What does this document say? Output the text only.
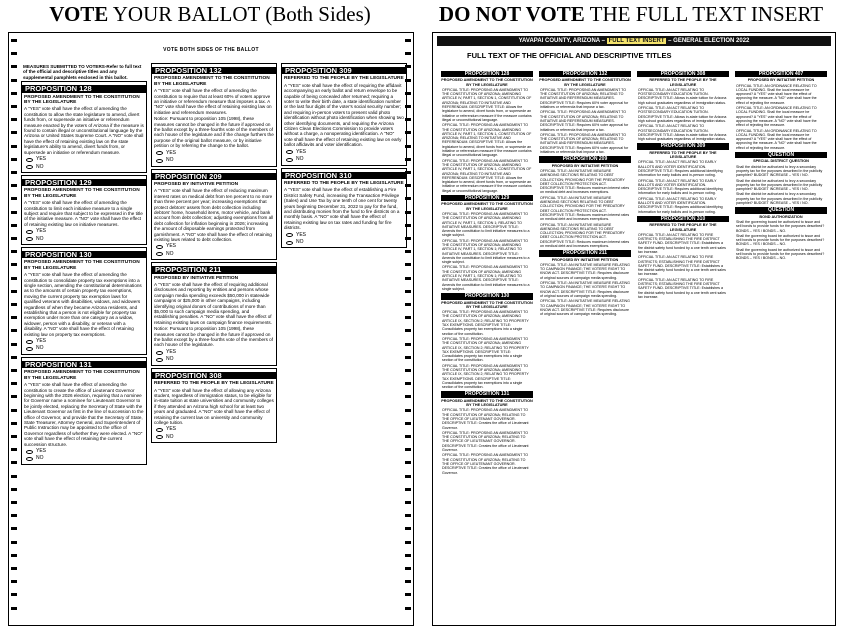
VOTE YOUR BALLOT (Both Sides)	DO NOT VOTE THE FULL TEXT INSERT
VOTE BOTH SIDES OF THE BALLOT

MEASURES SUBMITTED TO VOTERS-Refer to full text of the official and descriptive titles and any supplemental pamphlets enclosed in this ballot.

PROPOSITION 128
PROPOSED AMENDMENT TO THE CONSTITUTION BY THE LEGISLATURE

A "YES" vote shall have the effect of amending the constitution to allow the state legislature to amend, divert funds from, or supersede an initiative or referendum measure enacted by the voters of Arizona if the measure is found to contain illegal or unconstitutional language by the Arizona or United States Supreme Court. A "NO" vote shall have the effect of retaining existing law on the state legislature's ability to amend, divert funds from, or supersede an initiative or referendum measure.

YES
NO
PROPOSITION 129
PROPOSED AMENDMENT TO THE CONSTITUTION BY THE LEGISLATURE

A "YES" vote shall have the effect of amending the constitution to limit each initiative measure to a single subject and require that subject to be expressed in the title of the initiative measure. A "NO" vote shall have the effect of retaining existing law on initiative measures.

YES
NO
PROPOSITION 130
PROPOSED AMENDMENT TO THE CONSTITUTION BY THE LEGISLATURE

A "YES" vote shall have the effect of amending the constitution to consolidate property tax exemptions into a single section, amending the constitutional determinations as to the amounts of certain property tax exemptions, moving the current property tax exemption laws for qualified veterans with disabilities, widows, and widowers regardless of when they became Arizona residents, and establishing that a person is not eligible for property tax exemption under more than one category as a widow, widower, person with a disability, or veteran with a disability. A "NO" vote shall have the effect of retaining existing law on property tax exemptions.

YES
NO
PROPOSITION 131
PROPOSED AMENDMENT TO THE CONSTITUTION BY THE LEGISLATURE

A "YES" vote shall have the effect of amending the constitution to create the office of Lieutenant Governor beginning with the 2026 election, requiring that a nominee for Governor name a nominee for Lieutenant Governor to be jointly elected, replacing the Secretary of State with the Lieutenant Governor as first in the line of succession to the office of Governor, and provide that the Secretary of State, State Treasurer, Attorney General, and Superintendent of Public Instruction may be appointed to the office of Governor regardless of whether they were elected. A "NO" vote shall have the effect of retaining the current succession structure.

YES
NO
PROPOSITION 132
PROPOSED AMENDMENT TO THE CONSTITUTION BY THE LEGISLATURE

A "YES" vote shall have the effect of amending the constitution to require that at least 60% of voters approve an initiative or referendum measure that imposes a tax. A "NO" vote shall have the effect of retaining existing law on initiative and referendum measures.

Notice: Pursuant to proposition 105 (1998), these measures cannot be changed in the future if approved on the ballot except by a three-fourths vote of the members of each house of the legislature and if the change furthers the purpose of the original ballot measure, or by initiative petition or by referring the change to the ballot.

YES
NO
PROPOSITION 209
PROPOSED BY INITIATIVE PETITION

A "YES" vote shall have the effect of reducing maximum interest rates on medical debt from ten percent to no more than three percent per year; increasing exemptions that protect debtors' assets from debt collection including debtors' home, household items, motor vehicle, and bank account from debt collection; adjusting exemptions from all debt collection for inflation beginning in 2026; increasing the amount of disposable earnings protected from garnishment. A "NO" vote shall have the effect of retaining existing laws related to debt collection.

YES
NO
PROPOSITION 211
PROPOSED BY INITIATIVE PETITION

A "YES" vote shall have the effect of requiring additional disclosures and reporting by entities and persons whose campaign media spending exceeds $50,000 in statewide campaigns or $25,000 in other campaigns, including identifying original donors of contributions of more than $5,000 to such campaign media spending, and establishing penalties. A "NO" vote shall have the effect of retaining existing laws on campaign finance requirements.

Notice: Pursuant to proposition 105 (1998), these measures cannot be changed in the future if approved on the ballot except by a three-fourths vote of the members of each house of the legislature.

YES
NO
PROPOSITION 308
REFERRED TO THE PEOPLE BY THE LEGISLATURE

A "YES" vote shall have the effect of allowing any Arizona student, regardless of immigration status, to be eligible for in-state tuition at state universities and community colleges if they attended an Arizona high school for at least two years and graduated. A "NO" vote shall have the effect of retaining the current law on university and community college tuition.

YES
NO
PROPOSITION 309
REFERRED TO THE PEOPLE BY THE LEGISLATURE

A "YES" vote shall have the effect of requiring the affidavit accompanying an early ballot and return envelope to be capable of being concealed after returned; requiring a voter to write their birth date, a state identification number or the last four digits of the voter's social security number; and requiring in-person voters to present valid photo identification without photo identification when showing two other identifying documents, and requiring the Arizona Citizen Clean Elections Commission to provide voters without a charge, a nonoperating identification. A "NO" vote shall have the effect of retaining existing law on early ballot affidavits and voter identification.

YES
NO
PROPOSITION 310
REFERRED TO THE PEOPLE BY THE LEGISLATURE

A "YES" vote shall have the effect of establishing a Fire District Safety Fund, increasing the Transaction Privilege (Sales) and Use Tax by one tenth of one cent for twenty years beginning December 31, 2022 to pay for the fund, and distributing monies from the fund to fire districts on a monthly basis. A "NO" vote shall have the effect of retaining existing law on tax rates and funding for fire districts.

YES
NO
YAVAPAI COUNTY, ARIZONA – FULL TEXT INSERT – GENERAL ELECTION 2022
FULL TEXT OF THE OFFICIAL AND DESCRIPTIVE TITLES
PROPOSITION 128
PROPOSED AMENDMENT TO THE CONSTITUTION BY THE LEGISLATURE

OFFICIAL TITLE: PROPOSING AN AMENDMENT TO THE CONSTITUTION OF ARIZONA; AMENDING ARTICLE IV, PART 1, SECTION 1, CONSTITUTION OF ARIZONA; RELATING TO INITIATIVE AND REFERENDUM. DESCRIPTIVE TITLE: Allows the legislature to amend, divert funds from, or supersede an initiative or referendum measure if the measure contains illegal or unconstitutional language.

OFFICIAL TITLE: PROPOSING AN AMENDMENT TO THE CONSTITUTION OF ARIZONA; AMENDING ARTICLE IV, PART 1, SECTION 1, CONSTITUTION OF ARIZONA; RELATING TO INITIATIVE AND REFERENDUM. DESCRIPTIVE TITLE: Allows the legislature to amend, divert funds from, or supersede an initiative or referendum measure if the measure contains illegal or unconstitutional language.

OFFICIAL TITLE: PROPOSING AN AMENDMENT TO THE CONSTITUTION OF ARIZONA; AMENDING ARTICLE IV, PART 1, SECTION 1, CONSTITUTION OF ARIZONA; RELATING TO INITIATIVE AND REFERENDUM. DESCRIPTIVE TITLE: Allows the legislature to amend, divert funds from, or supersede an initiative or referendum measure if the measure contains illegal or unconstitutional language.

PROPOSITION 129
PROPOSED AMENDMENT TO THE CONSTITUTION BY THE LEGISLATURE

OFFICIAL TITLE: PROPOSING AN AMENDMENT TO THE CONSTITUTION OF ARIZONA; AMENDING ARTICLE IV, PART 1, SECTION 1; RELATING TO INITIATIVE MEASURES. DESCRIPTIVE TITLE: Amends the constitution to limit initiative measures to a single subject.

OFFICIAL TITLE: PROPOSING AN AMENDMENT TO THE CONSTITUTION OF ARIZONA; AMENDING ARTICLE IV, PART 1, SECTION 1; RELATING TO INITIATIVE MEASURES. DESCRIPTIVE TITLE: Amends the constitution to limit initiative measures to a single subject.

OFFICIAL TITLE: PROPOSING AN AMENDMENT TO THE CONSTITUTION OF ARIZONA; AMENDING ARTICLE IV, PART 1, SECTION 1; RELATING TO INITIATIVE MEASURES. DESCRIPTIVE TITLE: Amends the constitution to limit initiative measures to a single subject.

PROPOSITION 130
PROPOSED AMENDMENT TO THE CONSTITUTION BY THE LEGISLATURE

OFFICIAL TITLE: PROPOSING AN AMENDMENT TO THE CONSTITUTION OF ARIZONA; AMENDING ARTICLE IX, SECTION 2; RELATING TO PROPERTY TAX EXEMPTIONS. DESCRIPTIVE TITLE: Consolidates property tax exemptions into a single section of the constitution.

OFFICIAL TITLE: PROPOSING AN AMENDMENT TO THE CONSTITUTION OF ARIZONA; AMENDING ARTICLE IX, SECTION 2; RELATING TO PROPERTY TAX EXEMPTIONS. DESCRIPTIVE TITLE: Consolidates property tax exemptions into a single section of the constitution.

OFFICIAL TITLE: PROPOSING AN AMENDMENT TO THE CONSTITUTION OF ARIZONA; AMENDING ARTICLE IX, SECTION 2; RELATING TO PROPERTY TAX EXEMPTIONS. DESCRIPTIVE TITLE: Consolidates property tax exemptions into a single section of the constitution.

PROPOSITION 131
PROPOSED AMENDMENT TO THE CONSTITUTION BY THE LEGISLATURE

OFFICIAL TITLE: PROPOSING AN AMENDMENT TO THE CONSTITUTION OF ARIZONA; RELATING TO THE OFFICE OF LIEUTENANT GOVERNOR. DESCRIPTIVE TITLE: Creates the office of Lieutenant Governor.

OFFICIAL TITLE: PROPOSING AN AMENDMENT TO THE CONSTITUTION OF ARIZONA; RELATING TO THE OFFICE OF LIEUTENANT GOVERNOR. DESCRIPTIVE TITLE: Creates the office of Lieutenant Governor.

OFFICIAL TITLE: PROPOSING AN AMENDMENT TO THE CONSTITUTION OF ARIZONA; RELATING TO THE OFFICE OF LIEUTENANT GOVERNOR. DESCRIPTIVE TITLE: Creates the office of Lieutenant Governor.

PROPOSITION 132
PROPOSED AMENDMENT TO THE CONSTITUTION BY THE LEGISLATURE

OFFICIAL TITLE: PROPOSING AN AMENDMENT TO THE CONSTITUTION OF ARIZONA; RELATING TO INITIATIVE AND REFERENDUM MEASURES. DESCRIPTIVE TITLE: Requires 60% voter approval for initiatives or referenda that impose a tax.

OFFICIAL TITLE: PROPOSING AN AMENDMENT TO THE CONSTITUTION OF ARIZONA; RELATING TO INITIATIVE AND REFERENDUM MEASURES. DESCRIPTIVE TITLE: Requires 60% voter approval for initiatives or referenda that impose a tax.

OFFICIAL TITLE: PROPOSING AN AMENDMENT TO THE CONSTITUTION OF ARIZONA; RELATING TO INITIATIVE AND REFERENDUM MEASURES. DESCRIPTIVE TITLE: Requires 60% voter approval for initiatives or referenda that impose a tax.

PROPOSITION 209
PROPOSED BY INITIATIVE PETITION

OFFICIAL TITLE: AN INITIATIVE MEASURE AMENDING SECTIONS RELATING TO DEBT COLLECTION; PROVIDING FOR THE PREDATORY DEBT COLLECTION PROTECTION ACT. DESCRIPTIVE TITLE: Reduces maximum interest rates on medical debt and increases exemptions.

OFFICIAL TITLE: AN INITIATIVE MEASURE AMENDING SECTIONS RELATING TO DEBT COLLECTION; PROVIDING FOR THE PREDATORY DEBT COLLECTION PROTECTION ACT. DESCRIPTIVE TITLE: Reduces maximum interest rates on medical debt and increases exemptions.

OFFICIAL TITLE: AN INITIATIVE MEASURE AMENDING SECTIONS RELATING TO DEBT COLLECTION; PROVIDING FOR THE PREDATORY DEBT COLLECTION PROTECTION ACT. DESCRIPTIVE TITLE: Reduces maximum interest rates on medical debt and increases exemptions.

PROPOSITION 211
PROPOSED BY INITIATIVE PETITION

OFFICIAL TITLE: AN INITIATIVE MEASURE RELATING TO CAMPAIGN FINANCE; THE VOTERS' RIGHT TO KNOW ACT. DESCRIPTIVE TITLE: Requires disclosure of original sources of campaign media spending.

OFFICIAL TITLE: AN INITIATIVE MEASURE RELATING TO CAMPAIGN FINANCE; THE VOTERS' RIGHT TO KNOW ACT. DESCRIPTIVE TITLE: Requires disclosure of original sources of campaign media spending.

OFFICIAL TITLE: AN INITIATIVE MEASURE RELATING TO CAMPAIGN FINANCE; THE VOTERS' RIGHT TO KNOW ACT. DESCRIPTIVE TITLE: Requires disclosure of original sources of campaign media spending.

PROPOSITION 308
REFERRED TO THE PEOPLE BY THE LEGISLATURE

OFFICIAL TITLE: AN ACT RELATING TO POSTSECONDARY EDUCATION TUITION. DESCRIPTIVE TITLE: Allows in-state tuition for Arizona high school graduates regardless of immigration status.

OFFICIAL TITLE: AN ACT RELATING TO POSTSECONDARY EDUCATION TUITION. DESCRIPTIVE TITLE: Allows in-state tuition for Arizona high school graduates regardless of immigration status.

OFFICIAL TITLE: AN ACT RELATING TO POSTSECONDARY EDUCATION TUITION. DESCRIPTIVE TITLE: Allows in-state tuition for Arizona high school graduates regardless of immigration status.

PROPOSITION 309
REFERRED TO THE PEOPLE BY THE LEGISLATURE

OFFICIAL TITLE: AN ACT RELATING TO EARLY BALLOTS AND VOTER IDENTIFICATION. DESCRIPTIVE TITLE: Requires additional identifying information for early ballots and in-person voting.

OFFICIAL TITLE: AN ACT RELATING TO EARLY BALLOTS AND VOTER IDENTIFICATION. DESCRIPTIVE TITLE: Requires additional identifying information for early ballots and in-person voting.

OFFICIAL TITLE: AN ACT RELATING TO EARLY BALLOTS AND VOTER IDENTIFICATION. DESCRIPTIVE TITLE: Requires additional identifying information for early ballots and in-person voting.

PROPOSITION 310
REFERRED TO THE PEOPLE BY THE LEGISLATURE

OFFICIAL TITLE: AN ACT RELATING TO FIRE DISTRICTS; ESTABLISHING THE FIRE DISTRICT SAFETY FUND. DESCRIPTIVE TITLE: Establishes a fire district safety fund funded by a one tenth cent sales tax increase.

OFFICIAL TITLE: AN ACT RELATING TO FIRE DISTRICTS; ESTABLISHING THE FIRE DISTRICT SAFETY FUND. DESCRIPTIVE TITLE: Establishes a fire district safety fund funded by a one tenth cent sales tax increase.

OFFICIAL TITLE: AN ACT RELATING TO FIRE DISTRICTS; ESTABLISHING THE FIRE DISTRICT SAFETY FUND. DESCRIPTIVE TITLE: Establishes a fire district safety fund funded by a one tenth cent sales tax increase.

PROPOSITION 407
PROPOSED BY INITIATIVE PETITION

OFFICIAL TITLE: AN ORDINANCE RELATING TO LOCAL FUNDING. Shall the local measure be approved? A "YES" vote shall have the effect of approving the measure. A "NO" vote shall have the effect of rejecting the measure.

OFFICIAL TITLE: AN ORDINANCE RELATING TO LOCAL FUNDING. Shall the local measure be approved? A "YES" vote shall have the effect of approving the measure. A "NO" vote shall have the effect of rejecting the measure.

OFFICIAL TITLE: AN ORDINANCE RELATING TO LOCAL FUNDING. Shall the local measure be approved? A "YES" vote shall have the effect of approving the measure. A "NO" vote shall have the effect of rejecting the measure.

QUESTION
SPECIAL DISTRICT QUESTION

Shall the district be authorized to levy a secondary property tax for the purposes described in the publicity pamphlet? BUDGET INCREASE – YES / NO.

Shall the district be authorized to levy a secondary property tax for the purposes described in the publicity pamphlet? BUDGET INCREASE – YES / NO.

Shall the district be authorized to levy a secondary property tax for the purposes described in the publicity pamphlet? BUDGET INCREASE – YES / NO.

QUESTION
BOND AUTHORIZATION

Shall the governing board be authorized to issue and sell bonds to provide funds for the purposes described? BONDS – YES / BONDS – NO.

Shall the governing board be authorized to issue and sell bonds to provide funds for the purposes described? BONDS – YES / BONDS – NO.

Shall the governing board be authorized to issue and sell bonds to provide funds for the purposes described? BONDS – YES / BONDS – NO.
